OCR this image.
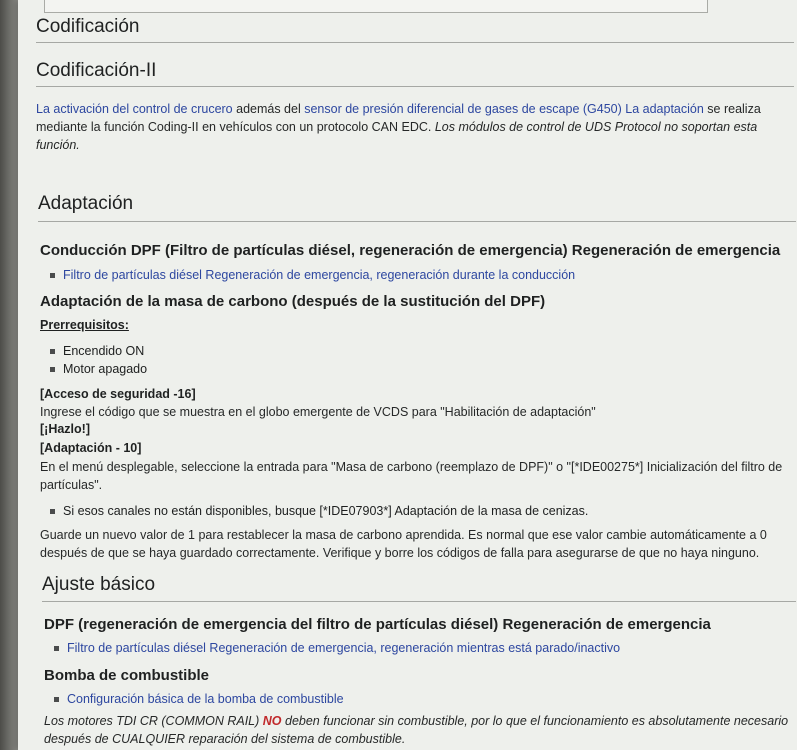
Codificación
Codificación-II
La activación del control de crucero además del sensor de presión diferencial de gases de escape (G450) La adaptación se realiza
mediante la función Coding-II en vehículos con un protocolo CAN EDC. Los módulos de control de UDS Protocol no soportan esta
función.
Adaptación
Conducción DPF (Filtro de partículas diésel, regeneración de emergencia) Regeneración de emergencia
Filtro de partículas diésel Regeneración de emergencia, regeneración durante la conducción
Adaptación de la masa de carbono (después de la sustitución del DPF)
Prerrequisitos:
Encendido ON
Motor apagado
[Acceso de seguridad -16]
Ingrese el código que se muestra en el globo emergente de VCDS para "Habilitación de adaptación"
[¡Hazlo!]
[Adaptación - 10]
En el menú desplegable, seleccione la entrada para "Masa de carbono (reemplazo de DPF)" o "[*IDE00275*] Inicialización del filtro de
partículas".
Si esos canales no están disponibles, busque [*IDE07903*] Adaptación de la masa de cenizas.
Guarde un nuevo valor de 1 para restablecer la masa de carbono aprendida. Es normal que ese valor cambie automáticamente a 0
después de que se haya guardado correctamente. Verifique y borre los códigos de falla para asegurarse de que no haya ninguno.
Ajuste básico
DPF (regeneración de emergencia del filtro de partículas diésel) Regeneración de emergencia
Filtro de partículas diésel Regeneración de emergencia, regeneración mientras está parado/inactivo
Bomba de combustible
Configuración básica de la bomba de combustible
Los motores TDI CR (COMMON RAIL) NO deben funcionar sin combustible, por lo que el funcionamiento es absolutamente necesario
después de CUALQUIER reparación del sistema de combustible.
